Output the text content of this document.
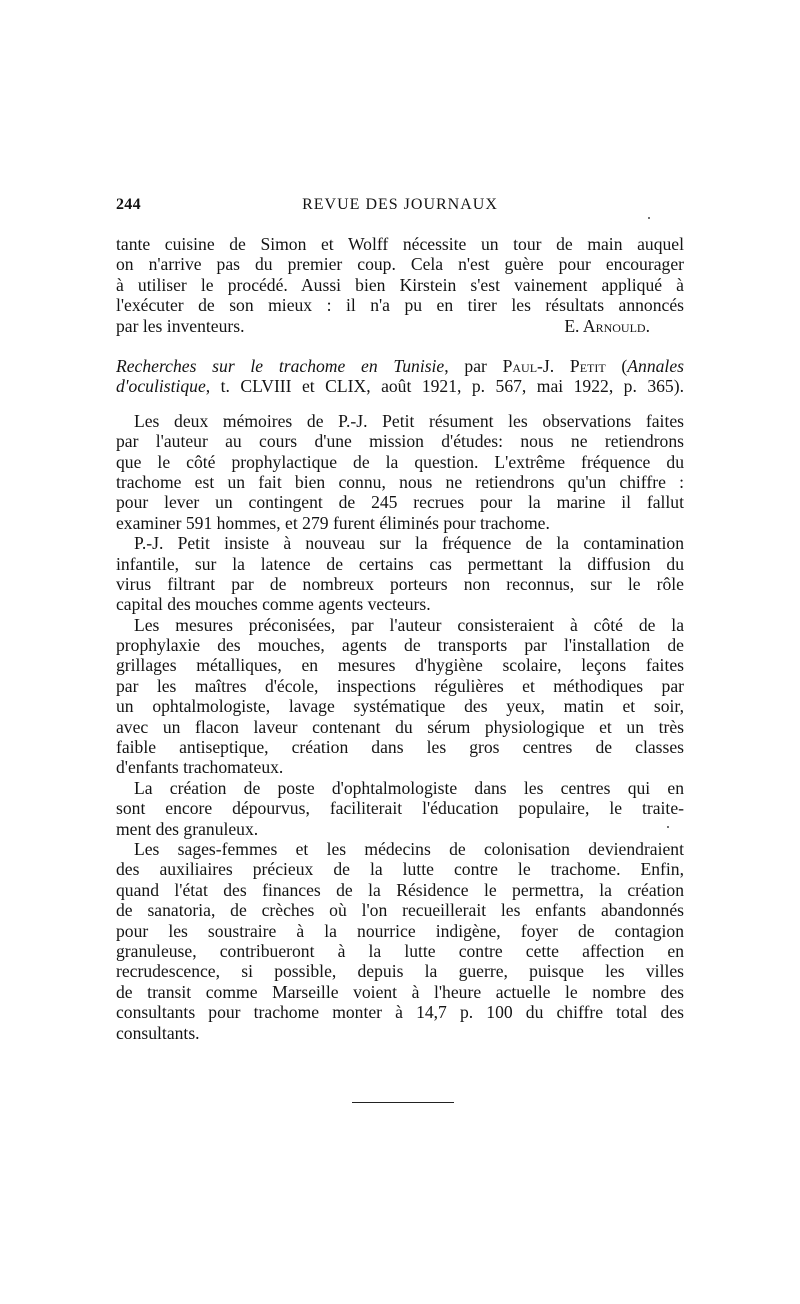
244	REVUE DES JOURNAUX
tante cuisine de Simon et Wolff nécessite un tour de main auquel
on n'arrive pas du premier coup. Cela n'est guère pour encourager
à utiliser le procédé. Aussi bien Kirstein s'est vainement appliqué à
l'exécuter de son mieux : il n'a pu en tirer les résultats annoncés
par les inventeurs.	E. Arnould.
Recherches sur le trachome en Tunisie, par Paul-J. Petit (Annales
d'oculistique, t. CLVIII et CLIX, août 1921, p. 567, mai 1922, p. 365).
Les deux mémoires de P.-J. Petit résument les observations faites
par l'auteur au cours d'une mission d'études: nous ne retiendrons
que le côté prophylactique de la question. L'extrême fréquence du
trachome est un fait bien connu, nous ne retiendrons qu'un chiffre :
pour lever un contingent de 245 recrues pour la marine il fallut
examiner 591 hommes, et 279 furent éliminés pour trachome.
P.-J. Petit insiste à nouveau sur la fréquence de la contamination
infantile, sur la latence de certains cas permettant la diffusion du
virus filtrant par de nombreux porteurs non reconnus, sur le rôle
capital des mouches comme agents vecteurs.
Les mesures préconisées, par l'auteur consisteraient à côté de la
prophylaxie des mouches, agents de transports par l'installation de
grillages métalliques, en mesures d'hygiène scolaire, leçons faites
par les maîtres d'école, inspections régulières et méthodiques par
un ophtalmologiste, lavage systématique des yeux, matin et soir,
avec un flacon laveur contenant du sérum physiologique et un très
faible antiseptique, création dans les gros centres de classes
d'enfants trachomateux.
La création de poste d'ophtalmologiste dans les centres qui en
sont encore dépourvus, faciliterait l'éducation populaire, le traite-
ment des granuleux.
Les sages-femmes et les médecins de colonisation deviendraient
des auxiliaires précieux de la lutte contre le trachome. Enfin,
quand l'état des finances de la Résidence le permettra, la création
de sanatoria, de crèches où l'on recueillerait les enfants abandonnés
pour les soustraire à la nourrice indigène, foyer de contagion
granuleuse, contribueront à la lutte contre cette affection en
recrudescence, si possible, depuis la guerre, puisque les villes
de transit comme Marseille voient à l'heure actuelle le nombre des
consultants pour trachome monter à 14,7 p. 100 du chiffre total des
consultants.
